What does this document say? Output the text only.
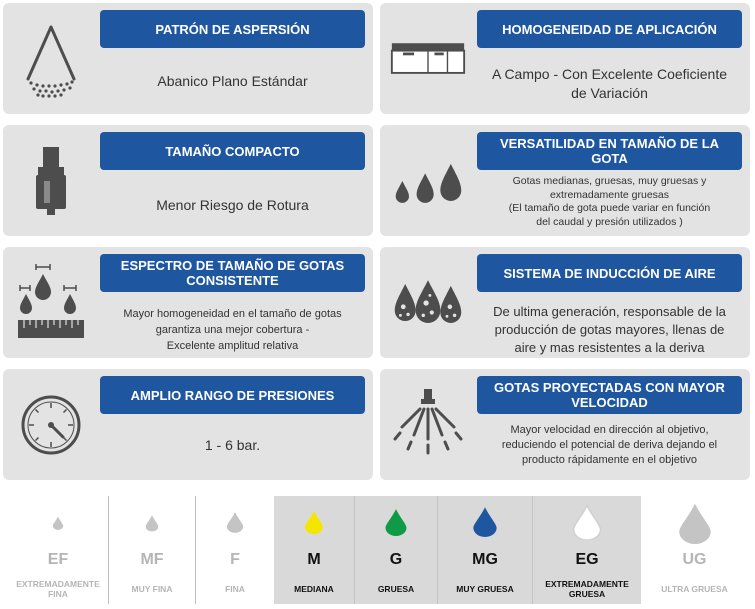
PATRÓN DE ASPERSIÓN
Abanico Plano Estándar
HOMOGENEIDAD DE APLICACIÓN
A Campo - Con Excelente Coeficiente
de Variación
TAMAÑO COMPACTO
Menor Riesgo de Rotura
VERSATILIDAD EN TAMAÑO DE LA
GOTA
Gotas medianas, gruesas, muy gruesas y
extremadamente gruesas
(El tamaño de gota puede variar en función
del caudal y presión utilizados )
ESPECTRO DE TAMAÑO DE GOTAS
CONSISTENTE
Mayor homogeneidad en el tamaño de gotas
garantiza una mejor cobertura -
Excelente amplitud relativa
SISTEMA DE INDUCCIÓN DE AIRE
De ultima generación, responsable de la
producción de gotas mayores, llenas de
aire y mas resistentes a la deriva
AMPLIO RANGO DE PRESIONES
1 - 6 bar.
GOTAS PROYECTADAS CON MAYOR
VELOCIDAD
Mayor velocidad en dirección al objetivo,
reduciendo el potencial de deriva dejando el
producto rápidamente en el objetivo
EF
EXTREMADAMENTE
FINA
MF
MUY FINA
F
FINA
M
MEDIANA
G
GRUESA
MG
MUY GRUESA
EG
EXTREMADAMENTE
GRUESA
UG
ULTRA GRUESA
